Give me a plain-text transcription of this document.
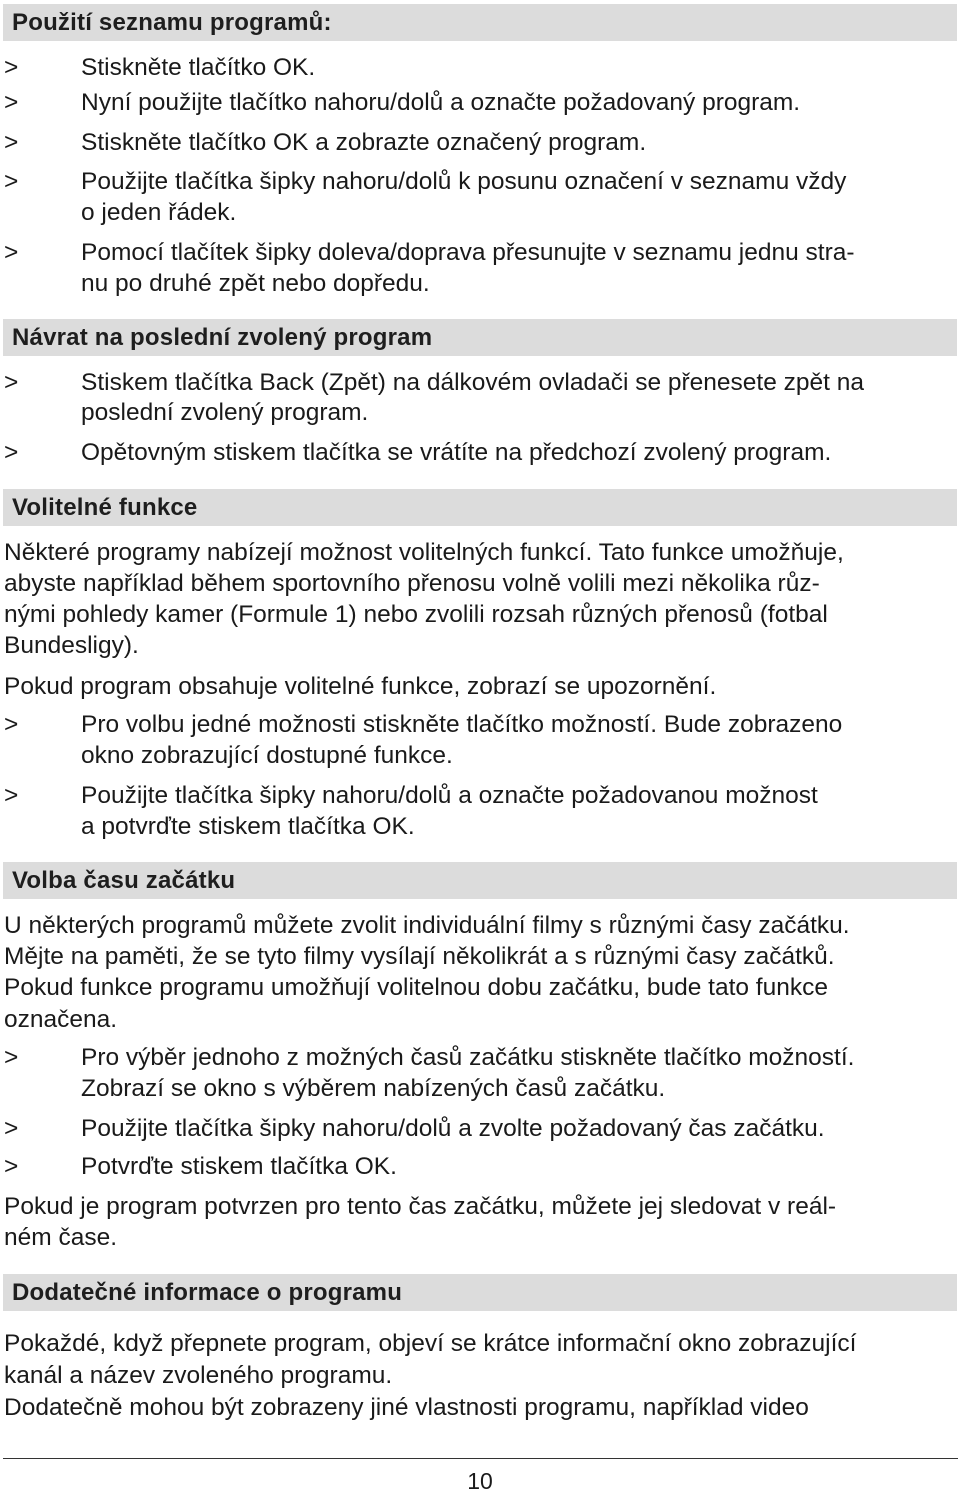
Použití seznamu programů:
>	Stiskněte tlačítko OK.
>	Nyní použijte tlačítko nahoru/dolů a označte požadovaný program.
>	Stiskněte tlačítko OK a zobrazte označený program.
>	Použijte tlačítka šipky nahoru/dolů k posunu označení v seznamu vždy
o jeden řádek.
>	Pomocí tlačítek šipky doleva/doprava přesunujte v seznamu jednu stra-
nu po druhé zpět nebo dopředu.
Návrat na poslední zvolený program
>	Stiskem tlačítka Back (Zpět) na dálkovém ovladači se přenesete zpět na
poslední zvolený program.
>	Opětovným stiskem tlačítka se vrátíte na předchozí zvolený program.
Volitelné funkce
Některé programy nabízejí možnost volitelných funkcí. Tato funkce umožňuje,
abyste například během sportovního přenosu volně volili mezi několika růz-
nými pohledy kamer (Formule 1) nebo zvolili rozsah různých přenosů (fotbal
Bundesligy).
Pokud program obsahuje volitelné funkce, zobrazí se upozornění.
>	Pro volbu jedné možnosti stiskněte tlačítko možností. Bude zobrazeno
okno zobrazující dostupné funkce.
>	Použijte tlačítka šipky nahoru/dolů a označte požadovanou možnost
a potvrďte stiskem tlačítka OK.
Volba času začátku
U některých programů můžete zvolit individuální filmy s různými časy začátku.
Mějte na paměti, že se tyto filmy vysílají několikrát a s různými časy začátků.
Pokud funkce programu umožňují volitelnou dobu začátku, bude tato funkce
označena.
>	Pro výběr jednoho z možných časů začátku stiskněte tlačítko možností.
Zobrazí se okno s výběrem nabízených časů začátku.
>	Použijte tlačítka šipky nahoru/dolů a zvolte požadovaný čas začátku.
>	Potvrďte stiskem tlačítka OK.
Pokud je program potvrzen pro tento čas začátku, můžete jej sledovat v reál-
ném čase.
Dodatečné informace o programu
Pokaždé, když přepnete program, objeví se krátce informační okno zobrazující
kanál a název zvoleného programu.
Dodatečně mohou být zobrazeny jiné vlastnosti programu, například video
10
